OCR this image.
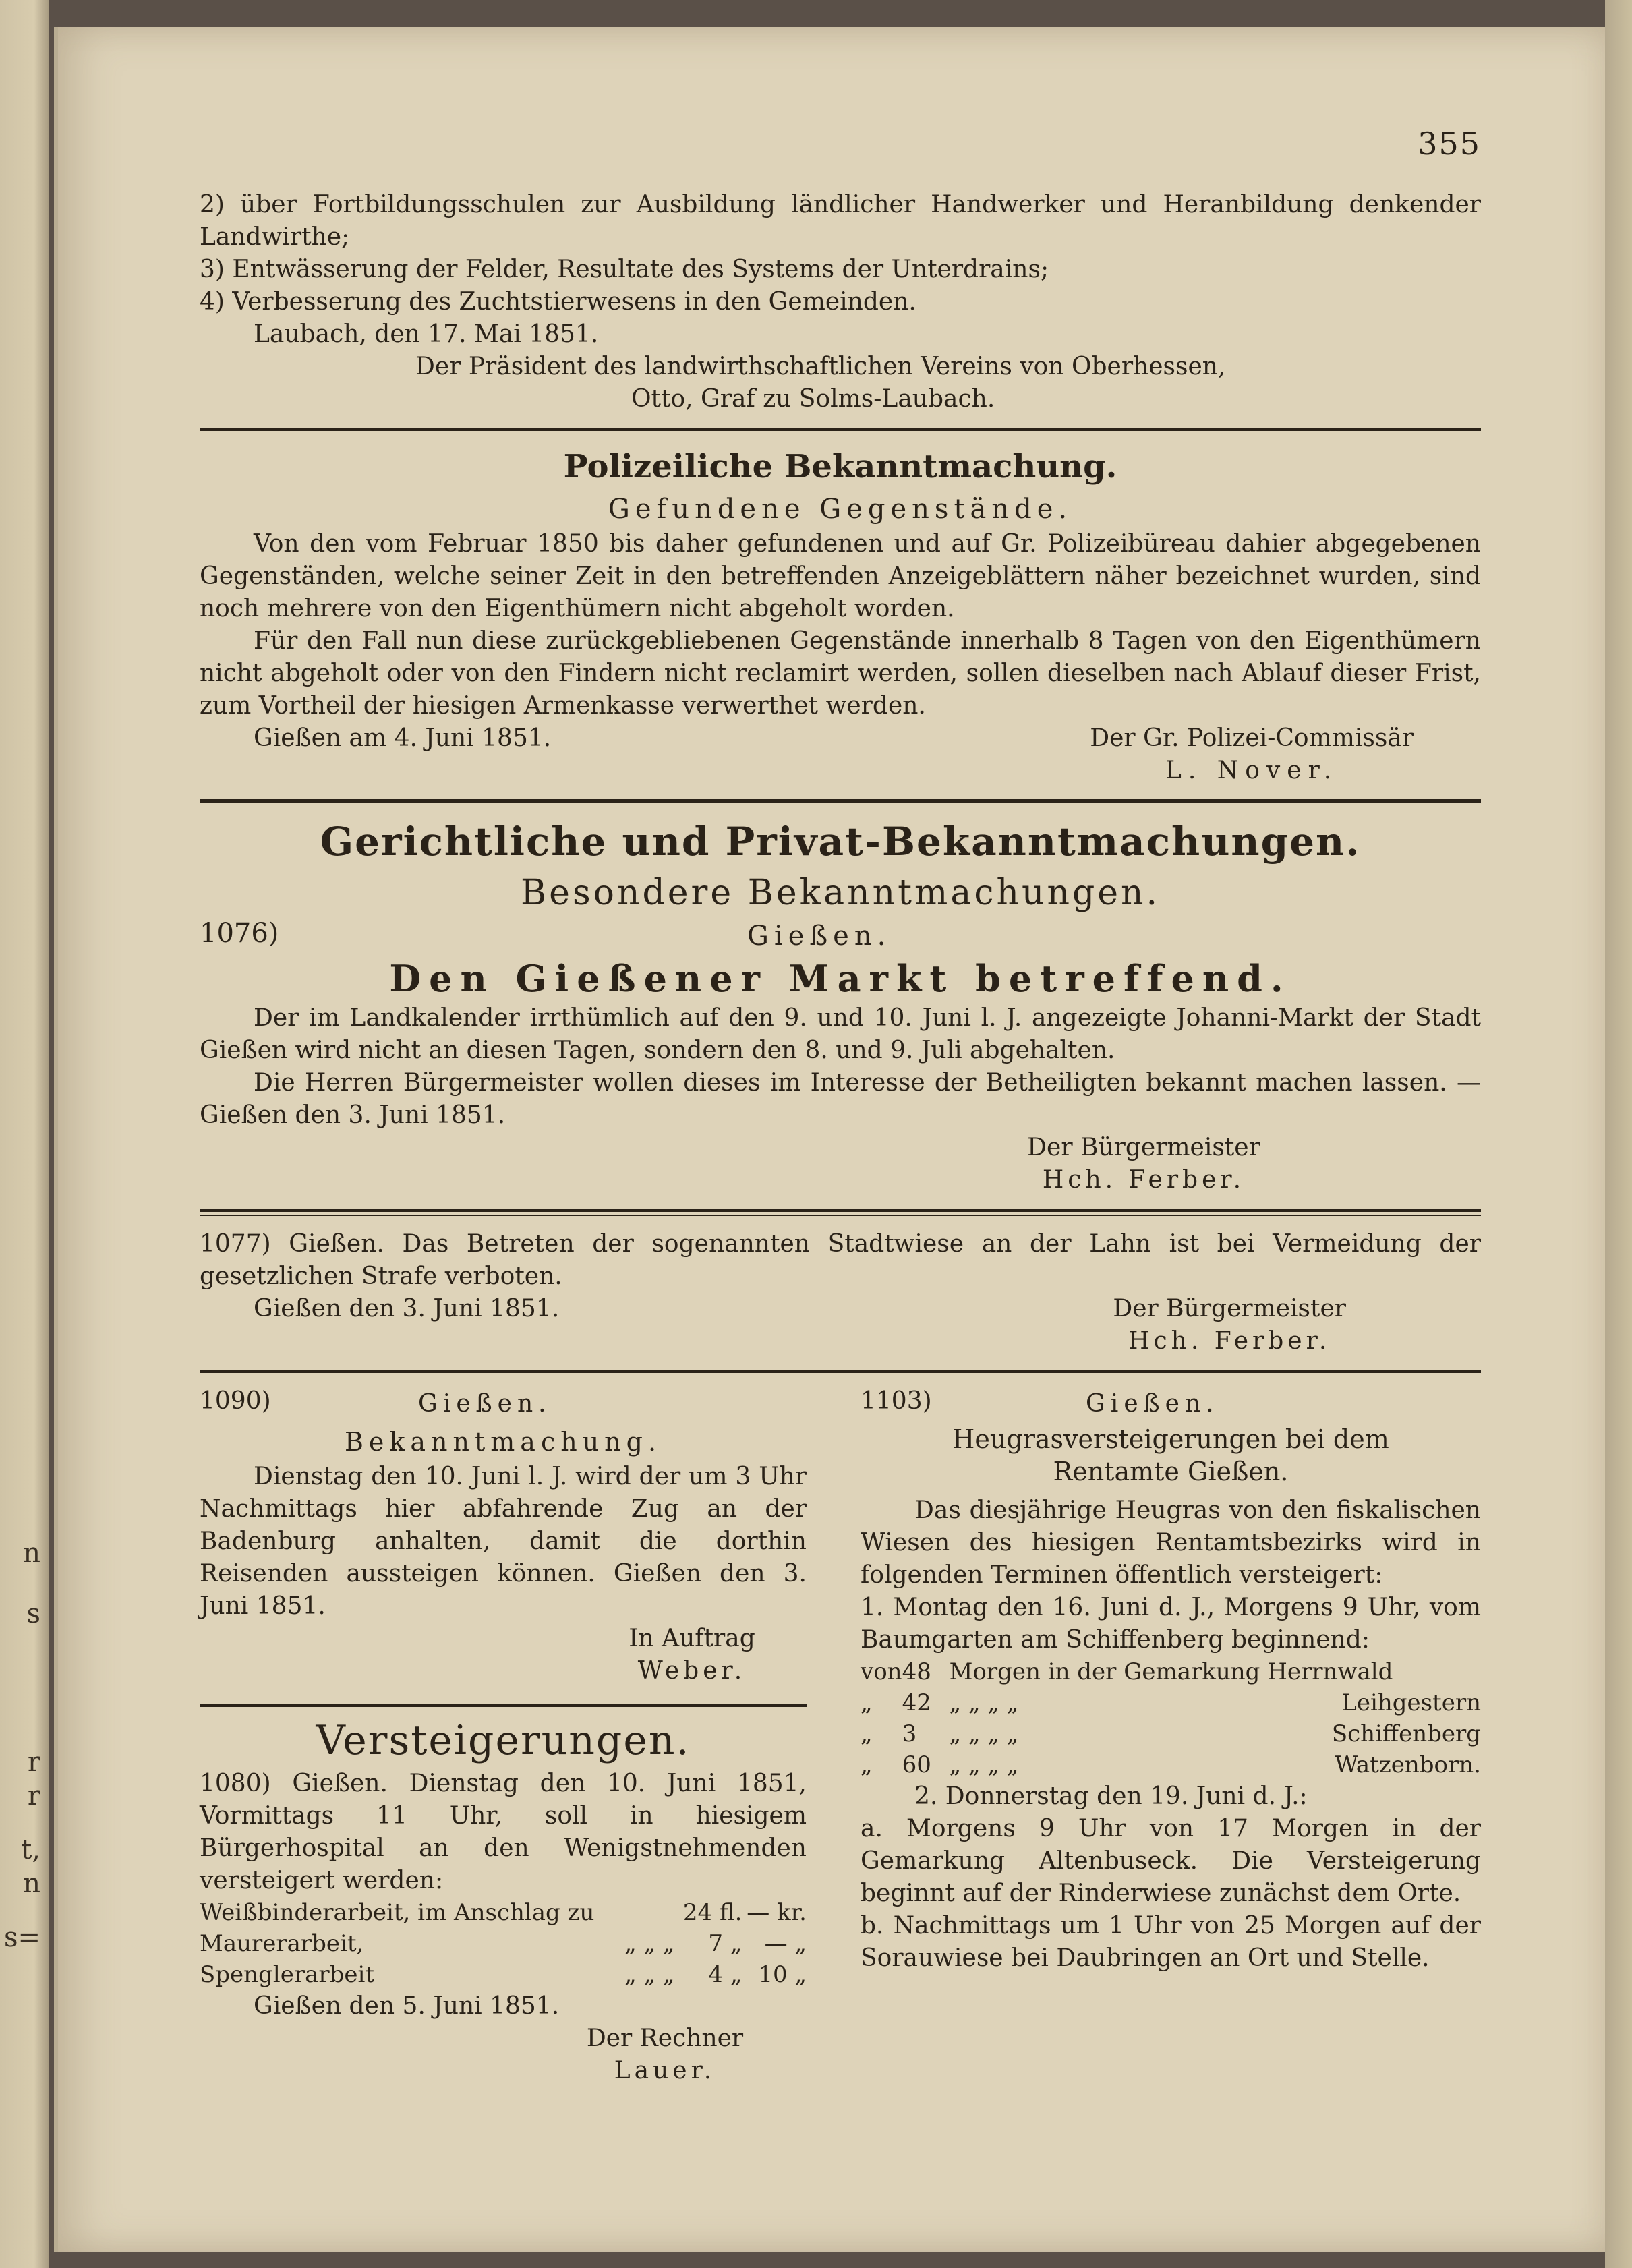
n
s
r
r
t,
n
s=
355

2) über Fortbildungsschulen zur Ausbildung ländlicher Handwerker und Heranbildung denkender Landwirthe;

3) Entwässerung der Felder, Resultate des Systems der Unterdrains;

4) Verbesserung des Zuchtstierwesens in den Gemeinden.

Laubach, den 17. Mai 1851.

Der Präsident des landwirthschaftlichen Vereins von Oberhessen,

Otto, Graf zu Solms-Laubach.

Polizeiliche Bekanntmachung.

Gefundene Gegenstände.

Von den vom Februar 1850 bis daher gefundenen und auf Gr. Polizeibüreau dahier abgegebenen Gegenständen, welche seiner Zeit in den betreffenden Anzeigeblättern näher bezeichnet wurden, sind noch mehrere von den Eigenthümern nicht abgeholt worden.

Für den Fall nun diese zurückgebliebenen Gegenstände innerhalb 8 Tagen von den Eigenthümern nicht abgeholt oder von den Findern nicht reclamirt werden, sollen dieselben nach Ablauf dieser Frist, zum Vortheil der hiesigen Armenkasse verwerthet werden.

Gießen am 4. Juni 1851.	Der Gr. Polizei-Commissär

L. Nover.

Gerichtliche und Privat-Bekanntmachungen.

Besondere Bekanntmachungen.

1076)	Gießen.

Den Gießener Markt betreffend.

Der im Landkalender irrthümlich auf den 9. und 10. Juni l. J. angezeigte Johanni-Markt der Stadt Gießen wird nicht an diesen Tagen, sondern den 8. und 9. Juli abgehalten.

Die Herren Bürgermeister wollen dieses im Interesse der Betheiligten bekannt machen lassen. — Gießen den 3. Juni 1851.

Der Bürgermeister

Hch. Ferber.

1077) Gießen. Das Betreten der sogenannten Stadtwiese an der Lahn ist bei Vermeidung der gesetzlichen Strafe verboten.

Gießen den 3. Juni 1851.	Der Bürgermeister

Hch. Ferber.

1090)	Gießen.

Bekanntmachung.

Dienstag den 10. Juni l. J. wird der um 3 Uhr Nachmittags hier abfahrende Zug an der Badenburg anhalten, damit die dorthin Reisenden aussteigen können. Gießen den 3. Juni 1851.

In Auftrag

Weber.

Versteigerungen.

1080) Gießen. Dienstag den 10. Juni 1851, Vormittags 11 Uhr, soll in hiesigem Bürgerhospital an den Wenigstnehmenden versteigert werden:

Weißbinderarbeit, im Anschlag zu		24 fl.	— kr.
Maurerarbeit,	„ „ „	7 „	— „
Spenglerarbeit	„ „ „	4 „	10 „

Gießen den 5. Juni 1851.

Der Rechner

Lauer.

1103)	Gießen.

Heugrasversteigerungen bei dem Rentamte Gießen.

Das diesjährige Heugras von den fiskalischen Wiesen des hiesigen Rentamtsbezirks wird in folgenden Terminen öffentlich versteigert:

1. Montag den 16. Juni d. J., Morgens 9 Uhr, vom Baumgarten am Schiffenberg beginnend:

von	48	Morgen in der Gemarkung Herrnwald	
„	42	„ „ „ „	Leihgestern
„	3	„ „ „ „	Schiffenberg
„	60	„ „ „ „	Watzenborn.

2. Donnerstag den 19. Juni d. J.:

a. Morgens 9 Uhr von 17 Morgen in der Gemarkung Altenbuseck. Die Versteigerung beginnt auf der Rinderwiese zunächst dem Orte.

b. Nachmittags um 1 Uhr von 25 Morgen auf der Sorauwiese bei Daubringen an Ort und Stelle.
